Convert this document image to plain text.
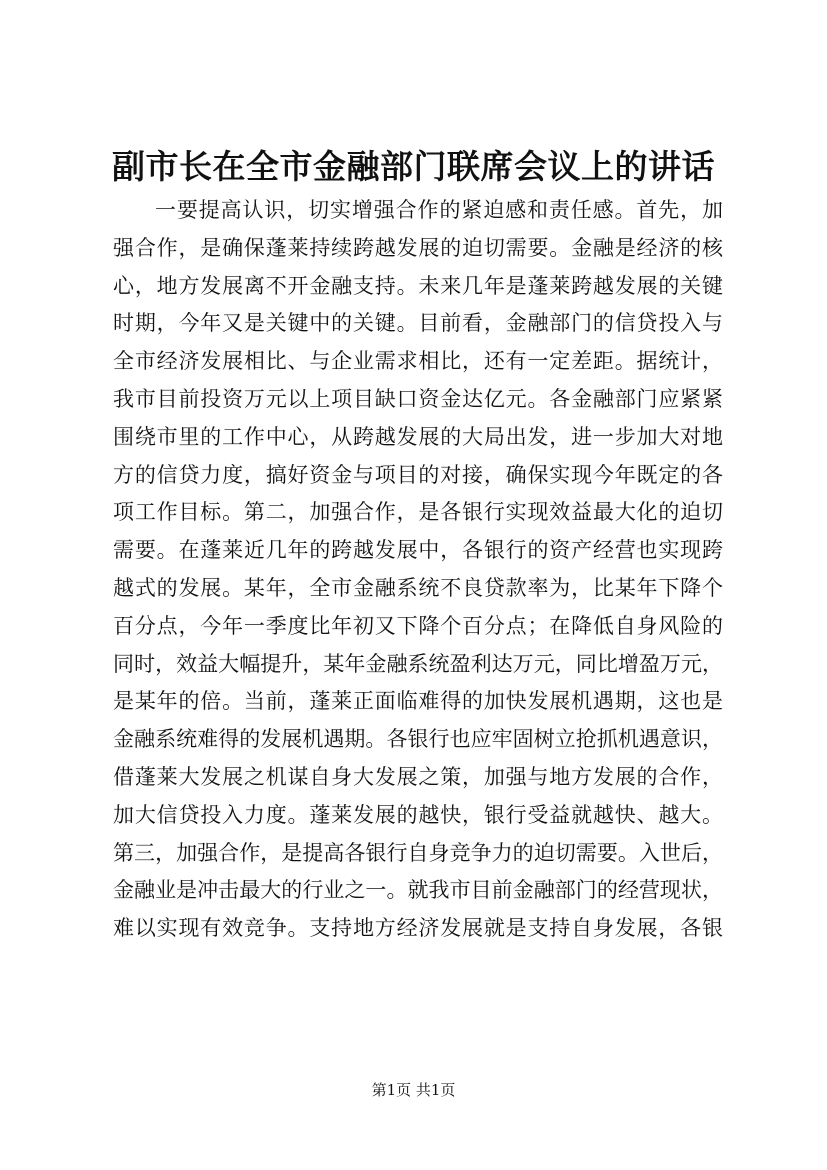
副市长在全市金融部门联席会议上的讲话
一要提高认识，切实增强合作的紧迫感和责任感。首先，加
强合作，是确保蓬莱持续跨越发展的迫切需要。金融是经济的核
心，地方发展离不开金融支持。未来几年是蓬莱跨越发展的关键
时期，今年又是关键中的关键。目前看，金融部门的信贷投入与
全市经济发展相比、与企业需求相比，还有一定差距。据统计，
我市目前投资万元以上项目缺口资金达亿元。各金融部门应紧紧
围绕市里的工作中心，从跨越发展的大局出发，进一步加大对地
方的信贷力度，搞好资金与项目的对接，确保实现今年既定的各
项工作目标。第二，加强合作，是各银行实现效益最大化的迫切
需要。在蓬莱近几年的跨越发展中，各银行的资产经营也实现跨
越式的发展。某年，全市金融系统不良贷款率为，比某年下降个
百分点，今年一季度比年初又下降个百分点；在降低自身风险的
同时，效益大幅提升，某年金融系统盈利达万元，同比增盈万元，
是某年的倍。当前，蓬莱正面临难得的加快发展机遇期，这也是
金融系统难得的发展机遇期。各银行也应牢固树立抢抓机遇意识，
借蓬莱大发展之机谋自身大发展之策，加强与地方发展的合作，
加大信贷投入力度。蓬莱发展的越快，银行受益就越快、越大。
第三，加强合作，是提高各银行自身竞争力的迫切需要。入世后，
金融业是冲击最大的行业之一。就我市目前金融部门的经营现状，
难以实现有效竞争。支持地方经济发展就是支持自身发展，各银
第1页 共1页
